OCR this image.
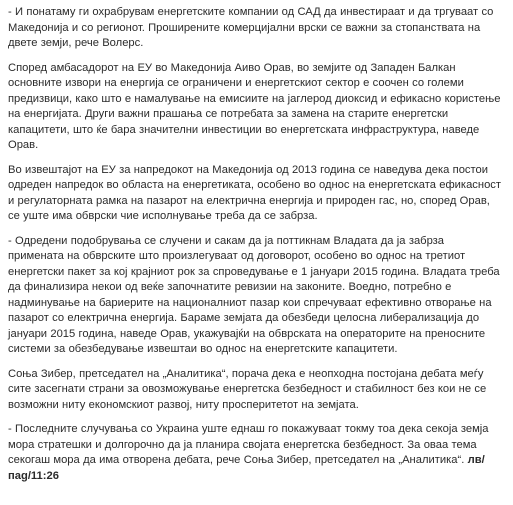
- И понатаму ги охрабрувам енергетските компании од САД да инвестираат и да тргуваат со Македонија и со регионот. Проширените комерцијални врски се важни за стопанствата на двете земји, рече Волерс.

Според амбасадорот на ЕУ во Македонија Аиво Орав, во земјите од Западен Балкан основните извори на енергија се ограничени и енергетскиот сектор е соочен со големи предизвици, како што е намалување на емисиите на јаглерод диоксид и ефикасно користење на енергијата. Други важни прашања се потребата за замена на старите енергетски капацитети, што ќе бара значителни инвестиции во енергетската инфраструктура, наведе Орав.

Во извештајот на ЕУ за напредокот на Македонија од 2013 година се наведува дека постои одреден напредок во областа на енергетиката, особено во однос на енергетската ефикасност и регулаторната рамка на пазарот на електрична енергија и природен гас, но, според Орав, се уште има обврски чие исполнување треба да се забрза.

- Одредени подобрувања се случени и сакам да ја поттикнам Владата да ја забрза примената на обврските што произлегуваат од договорот, особено во однос на третиот енергетски пакет за кој крајниот рок за спроведување е 1 јануари 2015 година. Владата треба да финализира некои од веќе започнатите ревизии на законите. Воедно, потребно е надминување на бариерите на националниот пазар кои спречуваат ефективно отворање на пазарот со електрична енергија. Бараме земјата да обезбеди целосна либерализација до јануари 2015 година, наведе Орав, укажувајќи на обврската на операторите на преносните системи за обезбедување извештаи во однос на енергетските капацитети.

Соња Зибер, претседател на „Аналитика“, порача дека е неопходна постојана дебата меѓу сите засегнати страни за овозможување енергетска безбедност и стабилност без кои не се возможни ниту економскиот развој, ниту просперитетот на земјата.

- Последните случувања со Украина уште еднаш го покажуваат токму тоа дека секоја земја мора стратешки и долгорочно да ја планира својата енергетска безбедност. За оваа тема секогаш мора да има отворена дебата, рече Соња Зибер, претседател на „Аналитика“. лв/пag/11:26
